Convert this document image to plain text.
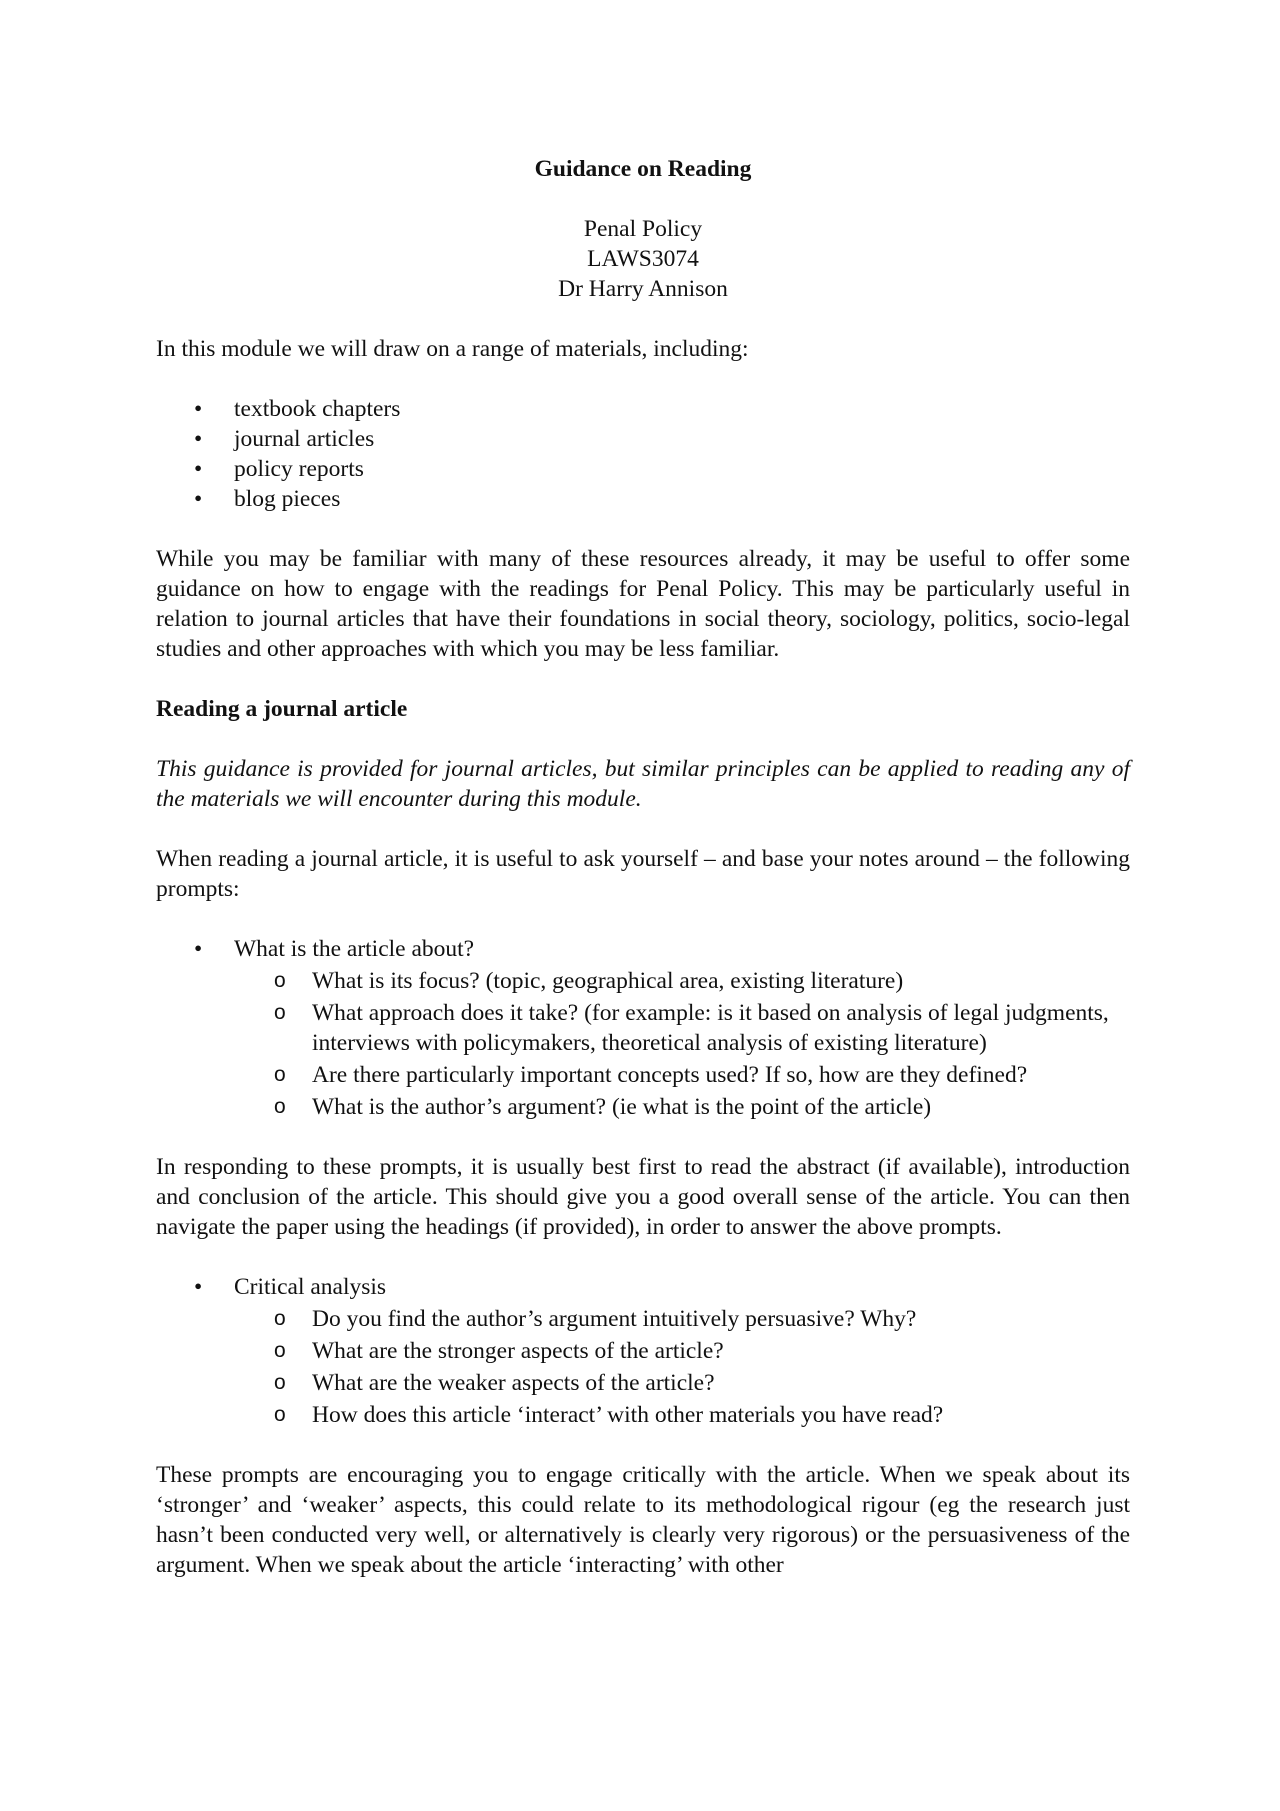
Guidance on Reading
Penal Policy
LAWS3074
Dr Harry Annison

In this module we will draw on a range of materials, including:

• textbook chapters
• journal articles
• policy reports
• blog pieces

While you may be familiar with many of these resources already, it may be useful to offer some guidance on how to engage with the readings for Penal Policy. This may be particularly useful in relation to journal articles that have their foundations in social theory, sociology, politics, socio-legal studies and other approaches with which you may be less familiar.

Reading a journal article

This guidance is provided for journal articles, but similar principles can be applied to reading any of the materials we will encounter during this module.

When reading a journal article, it is useful to ask yourself – and base your notes around – the following prompts:

• What is the article about?
o What is its focus? (topic, geographical area, existing literature)
o What approach does it take? (for example: is it based on analysis of legal judgments, interviews with policymakers, theoretical analysis of existing literature)
o Are there particularly important concepts used? If so, how are they defined?
o What is the author’s argument? (ie what is the point of the article)

In responding to these prompts, it is usually best first to read the abstract (if available), introduction and conclusion of the article. This should give you a good overall sense of the article. You can then navigate the paper using the headings (if provided), in order to answer the above prompts.

• Critical analysis
o Do you find the author’s argument intuitively persuasive? Why?
o What are the stronger aspects of the article?
o What are the weaker aspects of the article?
o How does this article ‘interact’ with other materials you have read?

These prompts are encouraging you to engage critically with the article. When we speak about its ‘stronger’ and ‘weaker’ aspects, this could relate to its methodological rigour (eg the research just hasn’t been conducted very well, or alternatively is clearly very rigorous) or the persuasiveness of the argument. When we speak about the article ‘interacting’ with other
